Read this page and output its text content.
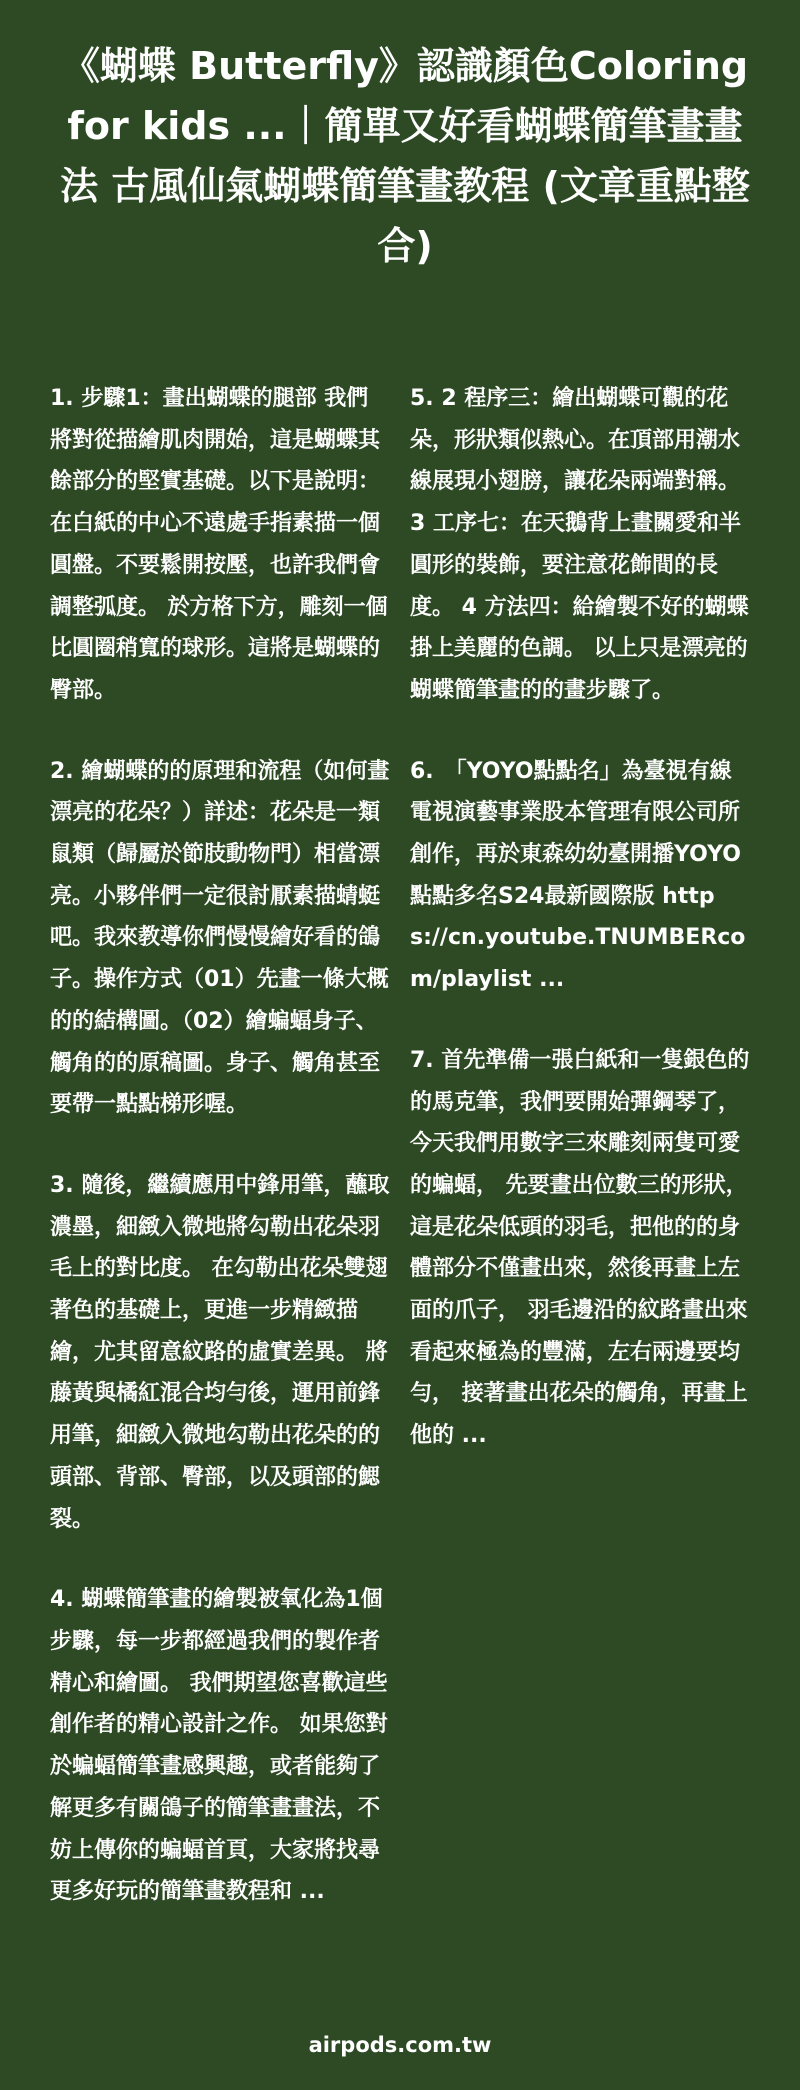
《蝴蝶 Butterfly》認識顏色Coloring for kids ...｜簡單又好看蝴蝶簡筆畫畫法 古風仙氣蝴蝶簡筆畫教程 (文章重點整合)

1. 步驟1：畫出蝴蝶的腿部 我們將對從描繪肌肉開始，這是蝴蝶其餘部分的堅實基礎。以下是說明： 在白紙的中心不遠處手指素描一個圓盤。不要鬆開按壓，也許我們會調整弧度。 於方格下方，雕刻一個比圓圈稍寬的球形。這將是蝴蝶的臀部。

2. 繪蝴蝶的的原理和流程（如何畫漂亮的花朵？）詳述：花朵是一類鼠類（歸屬於節肢動物門）相當漂亮。小夥伴們一定很討厭素描蜻蜓吧。我來教導你們慢慢繪好看的鴿子。操作方式（01）先畫一條大概的的結構圖。（02）繪蝙蝠身子、觸角的的原稿圖。身子、觸角甚至要帶一點點梯形喔。

3. 隨後，繼續應用中鋒用筆，蘸取濃墨，細緻入微地將勾勒出花朵羽毛上的對比度。 在勾勒出花朵雙翅著色的基礎上，更進一步精緻描繪，尤其留意紋路的虛實差異。 將藤黃與橘紅混合均勻後，運用前鋒用筆，細緻入微地勾勒出花朵的的頭部、背部、臀部，以及頭部的鰓裂。

4. 蝴蝶簡筆畫的繪製被氧化為1個步驟，每一步都經過我們的製作者精心和繪圖。 我們期望您喜歡這些創作者的精心設計之作。 如果您對於蝙蝠簡筆畫感興趣，或者能夠了解更多有關鴿子的簡筆畫畫法，不妨上傳你的蝙蝠首頁，大家將找尋更多好玩的簡筆畫教程和 ...

5. 2 程序三：繪出蝴蝶可觀的花朵，形狀類似熱心。在頂部用潮水線展現小翅膀，讓花朵兩端對稱。 3 工序七：在天鵝背上畫關愛和半圓形的裝飾，要注意花飾間的長度。 4 方法四：給繪製不好的蝴蝶掛上美麗的色調。 以上只是漂亮的蝴蝶簡筆畫的的畫步驟了。

6.　「YOYO點點名」為臺視有線電視演藝事業股本管理有限公司所創作，再於東森幼幼臺開播YOYO點點多名S24最新國際版 https://cn.youtube.TNUMBERcom/playlist ...

7. 首先準備一張白紙和一隻銀色的的馬克筆，我們要開始彈鋼琴了，今天我們用數字三來雕刻兩隻可愛的蝙蝠， 先要畫出位數三的形狀，這是花朵低頭的羽毛，把他的的身體部分不僅畫出來，然後再畫上左面的爪子， 羽毛邊沿的紋路畫出來看起來極為的豐滿，左右兩邊要均勻， 接著畫出花朵的觸角，再畫上他的 ...

airpods.com.tw
